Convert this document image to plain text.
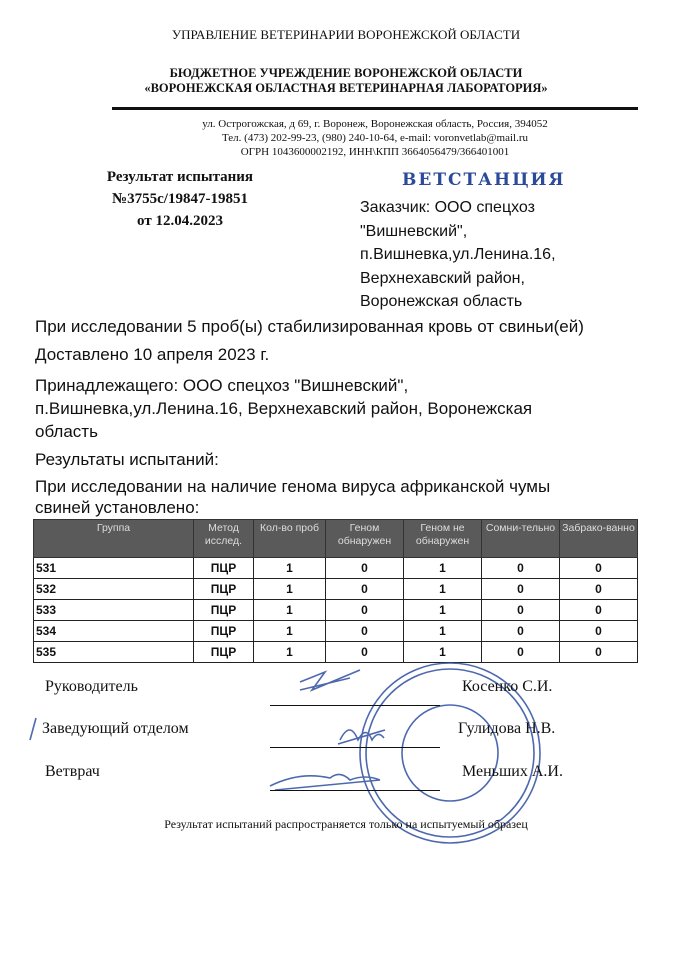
УПРАВЛЕНИЕ ВЕТЕРИНАРИИ ВОРОНЕЖСКОЙ ОБЛАСТИ
БЮДЖЕТНОЕ УЧРЕЖДЕНИЕ ВОРОНЕЖСКОЙ ОБЛАСТИ
«ВОРОНЕЖСКАЯ ОБЛАСТНАЯ ВЕТЕРИНАРНАЯ ЛАБОРАТОРИЯ»
ул. Острогожская, д 69, г. Воронеж, Воронежская область, Россия, 394052
Тел. (473) 202-99-23, (980) 240-10-64, e-mail: voronvetlab@mail.ru
ОГРН 1043600002192, ИНН\КПП 3664056479/366401001
Результат испытания
№3755с/19847-19851
от 12.04.2023
ВЕТСТАНЦИЯ
Заказчик: ООО спецхоз
"Вишневский",
п.Вишневка,ул.Ленина.16,
Верхнехавский район,
Воронежская область
При исследовании 5 проб(ы) стабилизированная кровь от свиньи(ей)
Доставлено 10 апреля 2023 г.
Принадлежащего: ООО спецхоз "Вишневский", п.Вишневка,ул.Ленина.16, Верхнехавский район, Воронежская область
Результаты испытаний:
При исследовании на наличие генома вируса африканской чумы свиней установлено:
Группа	Метод исслед.	Кол-во проб	Геном обнаружен	Геном не обнаружен	Сомни-тельно	Забрако-ванно
531	ПЦР	1	0	1	0	0
532	ПЦР	1	0	1	0	0
533	ПЦР	1	0	1	0	0
534	ПЦР	1	0	1	0	0
535	ПЦР	1	0	1	0	0
Руководитель	Косенко С.И.
Заведующий отделом	Гулидова Н.В.
Ветврач	Меньших А.И.
Результат испытаний распространяется только на испытуемый образец
